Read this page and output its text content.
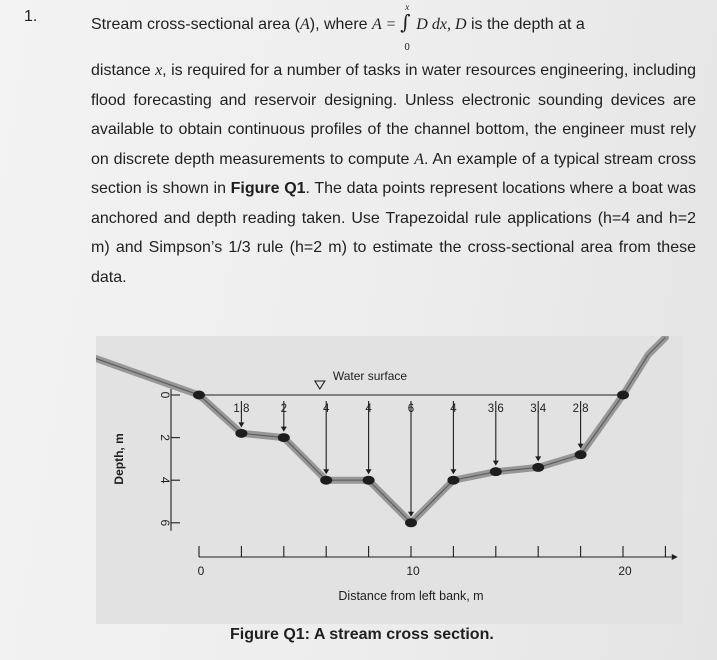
1.	Stream cross-sectional area (A), where A = ∫
x
0
D dx, D is the depth at a
distance x, is required for a number of tasks in water resources engineering, including flood forecasting and reservoir designing. Unless electronic sounding devices are available to obtain continuous profiles of the channel bottom, the engineer must rely on discrete depth measurements to compute A. An example of a typical stream cross section is shown in Figure Q1. The data points represent locations where a boat was anchored and depth reading taken. Use Trapezoidal rule applications (h=4 and h=2 m) and Simpson’s 1/3 rule (h=2 m) to estimate the cross-sectional area from these data.
Water surface
1.8	2	4	4	6	4	3.6 3.4 2.8
0
2
4
6
Depth, m
0	10	20
Distance from left bank, m
Figure Q1: A stream cross section.
